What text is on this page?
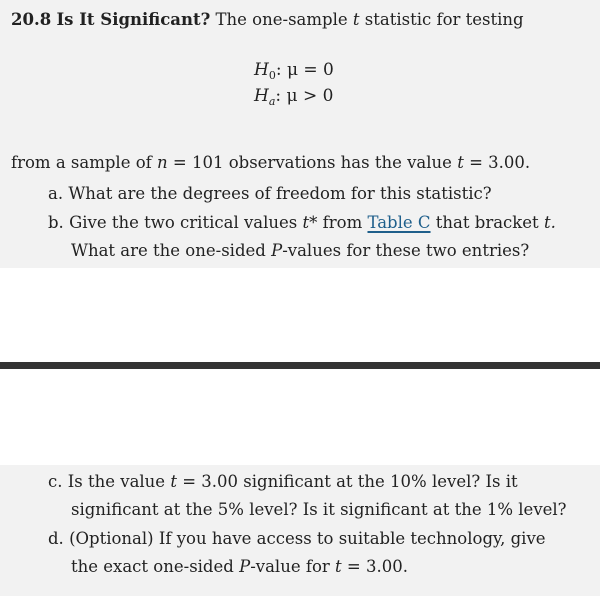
20.8 Is It Significant? The one-sample t statistic for testing
$H_0$: μ = 0
$H_a$: μ > 0
from a sample of n = 101 observations has the value t = 3.00.
a. What are the degrees of freedom for this statistic?
b. Give the two critical values t* from Table C that bracket t.
What are the one-sided P-values for these two entries?
c. Is the value t = 3.00 significant at the 10% level? Is it
significant at the 5% level? Is it significant at the 1% level?
d. (Optional) If you have access to suitable technology, give
the exact one-sided P-value for t = 3.00.
